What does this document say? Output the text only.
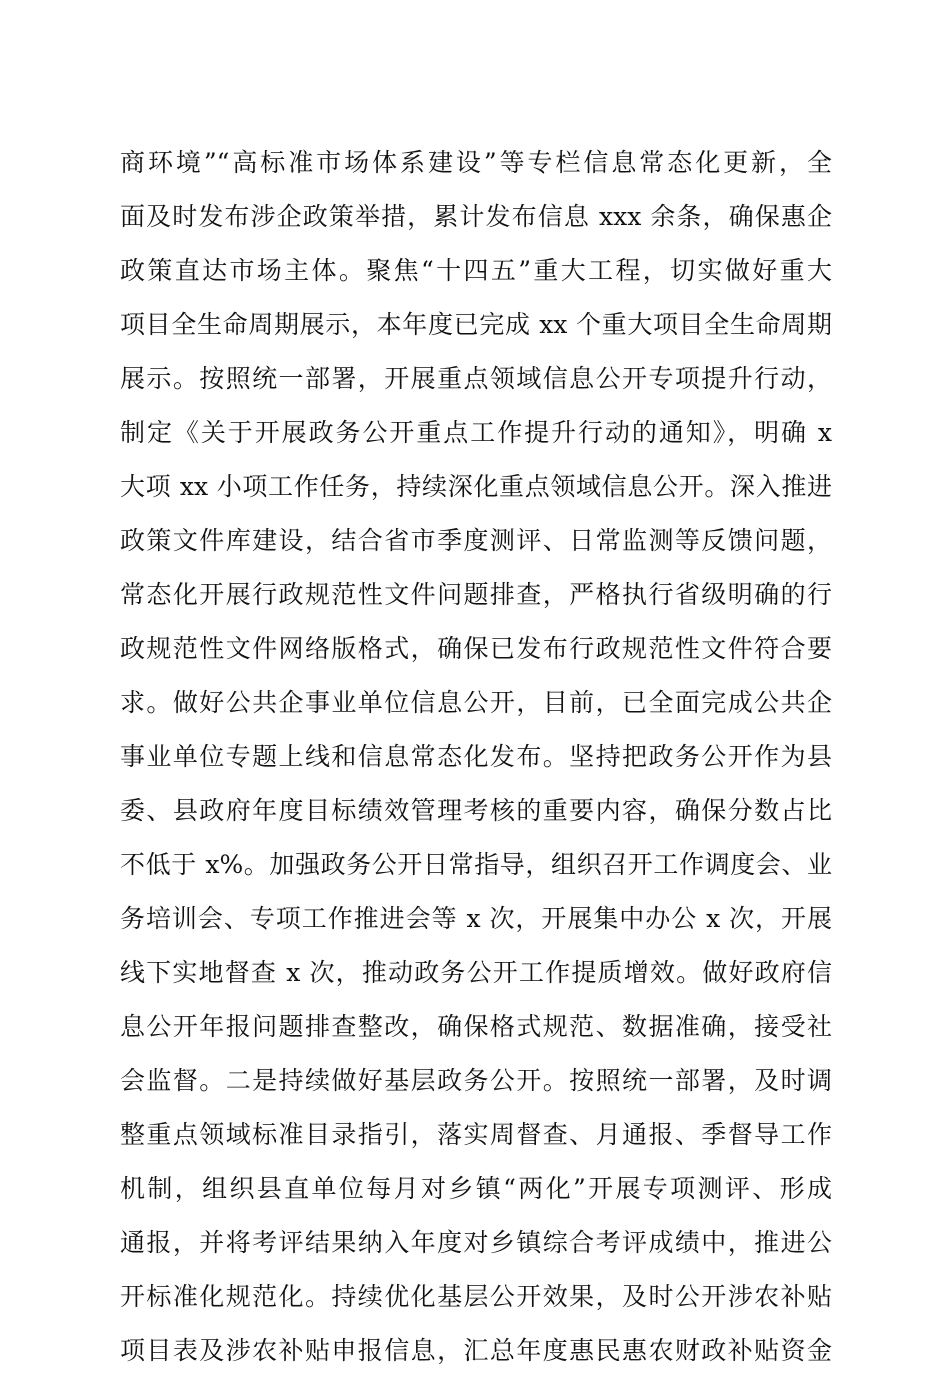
商环境”“高标准市场体系建设”等专栏信息常态化更新，全
面及时发布涉企政策举措，累计发布信息 xxx 余条，确保惠企
政策直达市场主体。聚焦“十四五”重大工程，切实做好重大
项目全生命周期展示，本年度已完成 xx 个重大项目全生命周期
展示。按照统一部署，开展重点领域信息公开专项提升行动，
制定《关于开展政务公开重点工作提升行动的通知》，明确 x
大项 xx 小项工作任务，持续深化重点领域信息公开。深入推进
政策文件库建设，结合省市季度测评、日常监测等反馈问题，
常态化开展行政规范性文件问题排查，严格执行省级明确的行
政规范性文件网络版格式，确保已发布行政规范性文件符合要
求。做好公共企事业单位信息公开，目前，已全面完成公共企
事业单位专题上线和信息常态化发布。坚持把政务公开作为县
委、县政府年度目标绩效管理考核的重要内容，确保分数占比
不低于 x%。加强政务公开日常指导，组织召开工作调度会、业
务培训会、专项工作推进会等 x 次，开展集中办公 x 次，开展
线下实地督查 x 次，推动政务公开工作提质增效。做好政府信
息公开年报问题排查整改，确保格式规范、数据准确，接受社
会监督。二是持续做好基层政务公开。按照统一部署，及时调
整重点领域标准目录指引，落实周督查、月通报、季督导工作
机制，组织县直单位每月对乡镇“两化”开展专项测评、形成
通报，并将考评结果纳入年度对乡镇综合考评成绩中，推进公
开标准化规范化。持续优化基层公开效果，及时公开涉农补贴
项目表及涉农补贴申报信息，汇总年度惠民惠农财政补贴资金
